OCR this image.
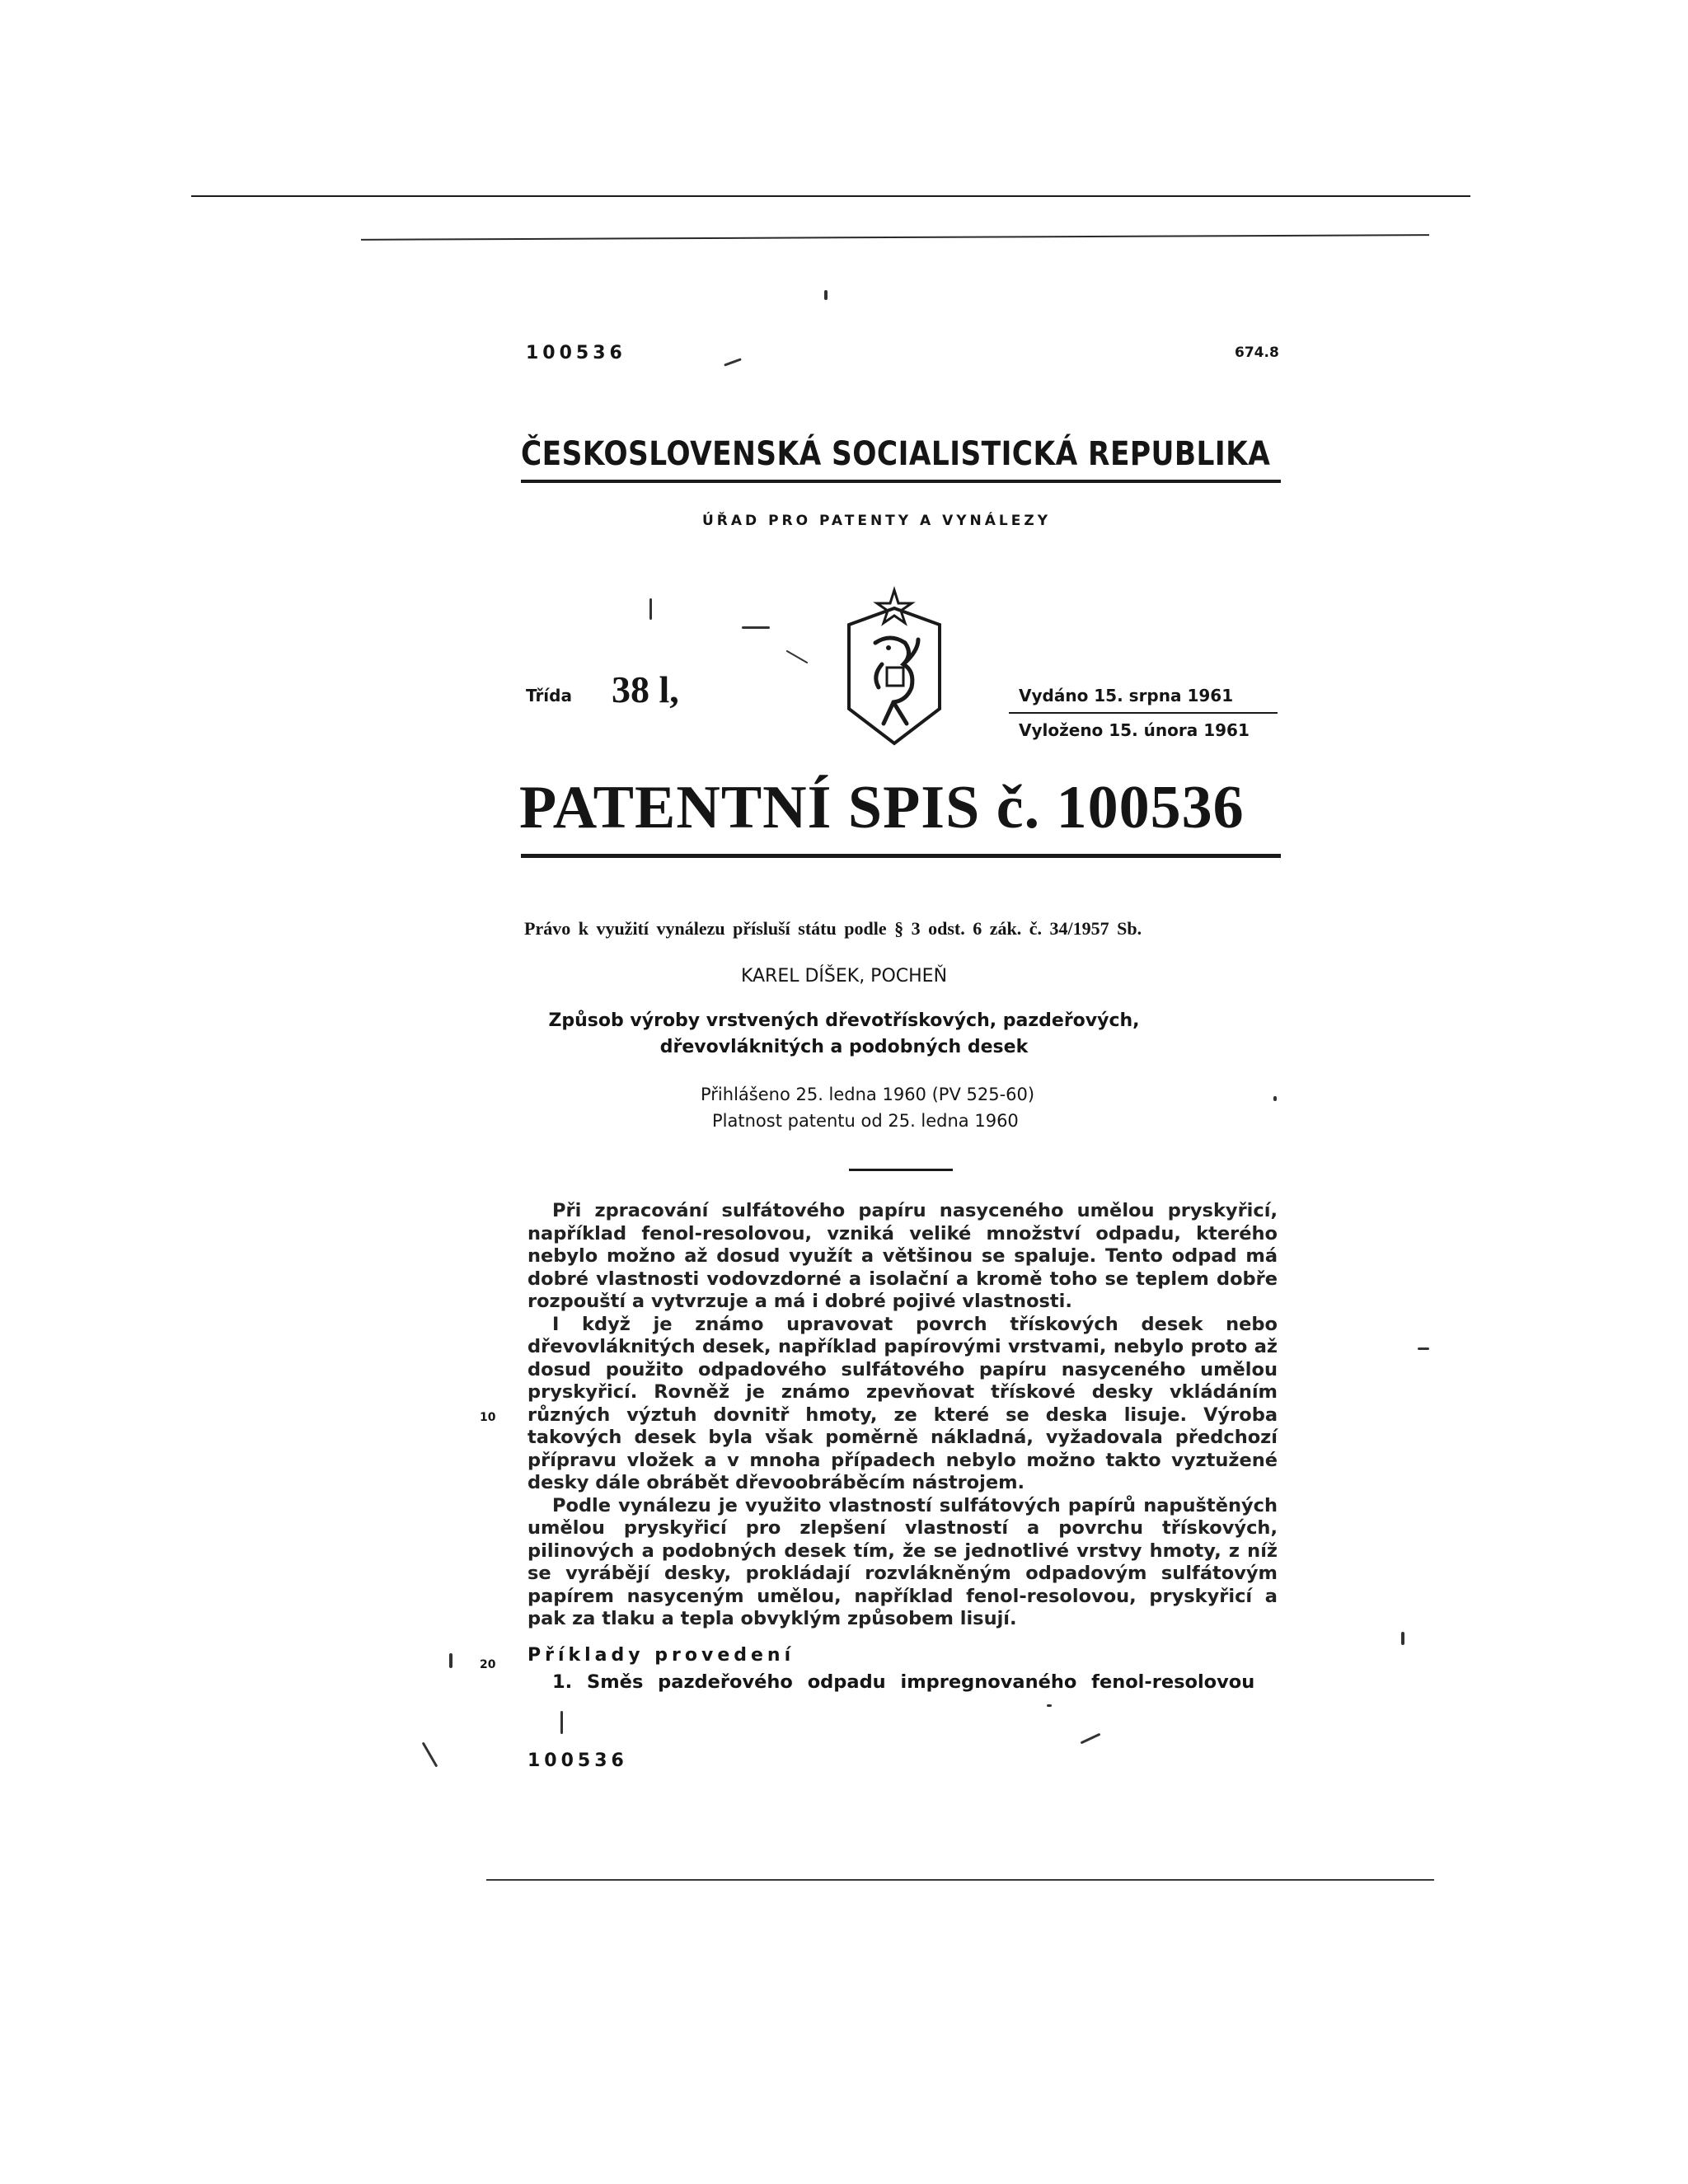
100536	674.8
ČESKOSLOVENSKÁ SOCIALISTICKÁ REPUBLIKA
ÚŘAD PRO PATENTY A VYNÁLEZY
Třída 38 l,	Vydáno 15. srpna 1961
Vyloženo 15. února 1961
PATENTNÍ SPIS č. 100536
Právo k využití vynálezu přísluší státu podle § 3 odst. 6 zák. č. 34/1957 Sb.
KAREL DÍŠEK, POCHEŇ
Způsob výroby vrstvených dřevotřískových, pazdeřových,
dřevovláknitých a podobných desek
Přihlášeno 25. ledna 1960 (PV 525-60)
Platnost patentu od 25. ledna 1960

Při zpracování sulfátového papíru nasyceného umělou pryskyřicí, například fenol-resolovou, vzniká veliké množství odpadu, kterého nebylo možno až dosud využít a většinou se spaluje. Tento odpad má dobré vlastnosti vodovzdorné a isolační a kromě toho se teplem dobře rozpouští a vytvrzuje a má i dobré pojivé vlastnosti.

I když je známo upravovat povrch třískových desek nebo dřevovláknitých desek, například papírovými vrstvami, nebylo proto až dosud použito odpadového sulfátového papíru nasyceného umělou pryskyřicí. Rovněž je známo zpevňovat třískové desky vkládáním různých výztuh dovnitř hmoty, ze které se deska lisuje. Výroba takových desek byla však poměrně nákladná, vyžadovala předchozí přípravu vložek a v mnoha případech nebylo možno takto vyztužené desky dále obrábět dřevoobráběcím nástrojem.

Podle vynálezu je využito vlastností sulfátových papírů napuštěných umělou pryskyřicí pro zlepšení vlastností a povrchu třískových, pilinových a podobných desek tím, že se jednotlivé vrstvy hmoty, z níž se vyrábějí desky, prokládají rozvlákněným odpadovým sulfátovým papírem nasyceným umělou, například fenol-resolovou, pryskyřicí a pak za tlaku a tepla obvyklým způsobem lisují.

Příklady provedení
1. Směs pazdeřového odpadu impregnovaného fenol-resolovou
10
20
100536
